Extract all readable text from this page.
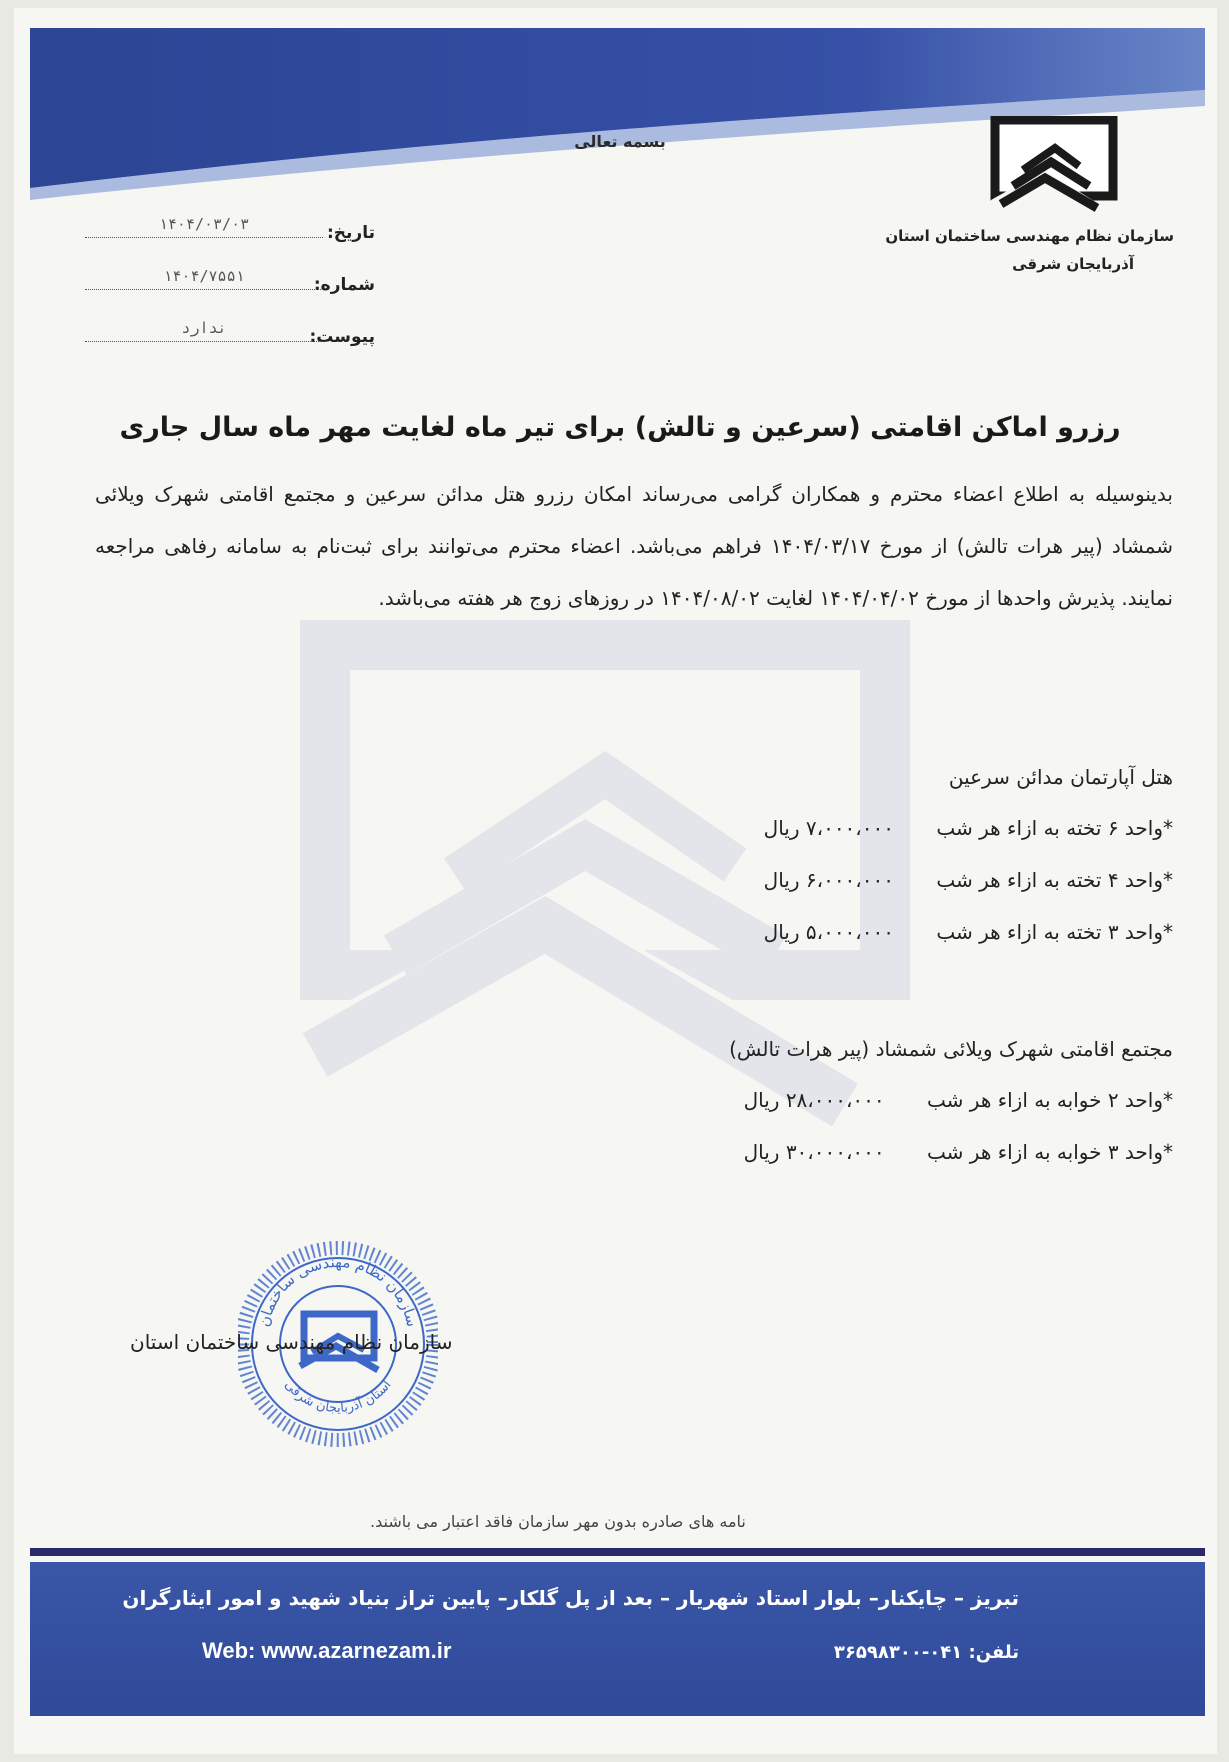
بسمه تعالی
سازمان نظام مهندسی ساختمان استان
آذربایجان شرقی
تاریخ:
۱۴۰۴/۰۳/۰۳
شماره:
۱۴۰۴/۷۵۵۱
پیوست:
ندارد
رزرو اماکن اقامتی (سرعین و تالش) برای تیر ماه لغایت مهر ماه سال جاری
بدینوسیله به اطلاع اعضاء محترم و همکاران گرامی می‌رساند امکان رزرو هتل مدائن سرعین و مجتمع اقامتی شهرک ویلائی شمشاد (پیر هرات تالش) از مورخ ۱۴۰۴/۰۳/۱۷ فراهم می‌باشد. اعضاء محترم می‌توانند برای ثبت‌نام به سامانه رفاهی مراجعه نمایند. پذیرش واحدها از مورخ ۱۴۰۴/۰۴/۰۲ لغایت ۱۴۰۴/۰۸/۰۲ در روزهای زوج هر هفته می‌باشد.
هتل آپارتمان مدائن سرعین
*واحد ۶ تخته به ازاء هر شب ۷،۰۰۰،۰۰۰ ریال
*واحد ۴ تخته به ازاء هر شب ۶،۰۰۰،۰۰۰ ریال
*واحد ۳ تخته به ازاء هر شب ۵،۰۰۰،۰۰۰ ریال
مجتمع اقامتی شهرک ویلائی شمشاد (پیر هرات تالش)
*واحد ۲ خوابه به ازاء هر شب ۲۸،۰۰۰،۰۰۰ ریال
*واحد ۳ خوابه به ازاء هر شب ۳۰،۰۰۰،۰۰۰ ریال
سازمان نظام مهندسی ساختمان
استان آذربایجان شرقی
سازمان نظام مهندسی ساختمان استان
نامه های صادره بدون مهر سازمان فاقد اعتبار می باشند.
تبریز – چایکنار– بلوار استاد شهریار – بعد از پل گلکار– پایین تراز بنیاد شهید و امور ایثارگران
Web: www.azarnezam.ir	تلفن: ۰۴۱-۳۶۵۹۸۳۰۰
